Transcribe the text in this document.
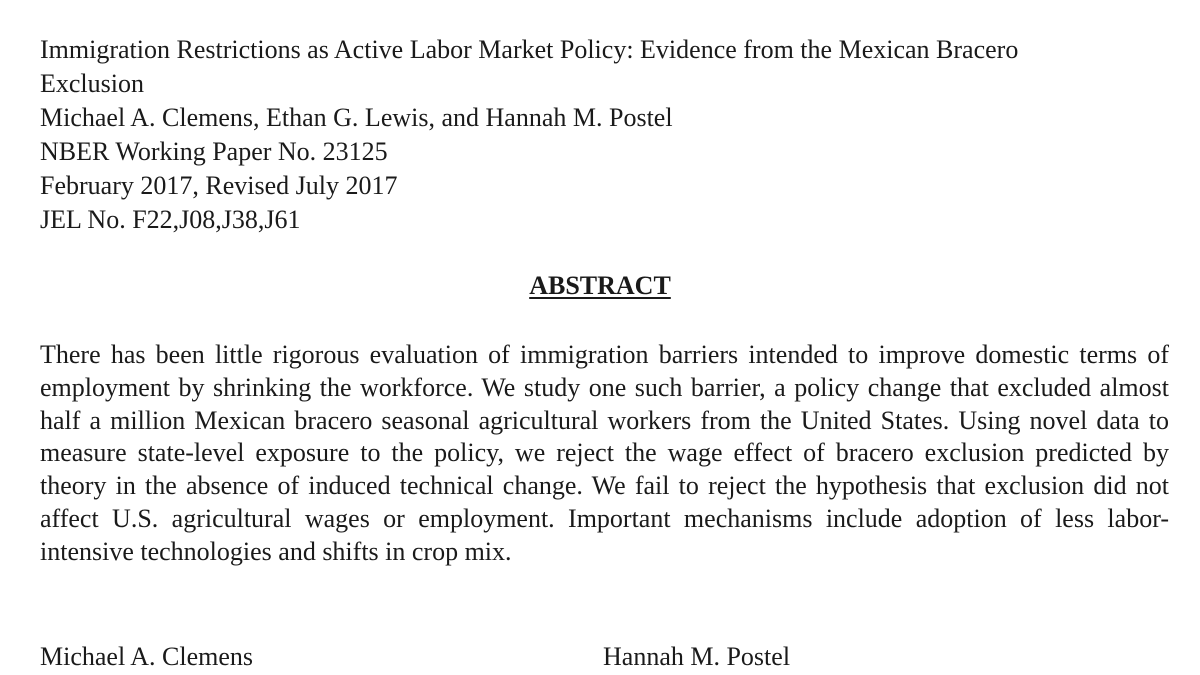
Immigration Restrictions as Active Labor Market Policy: Evidence from the Mexican Bracero
Exclusion
Michael A. Clemens, Ethan G. Lewis, and Hannah M. Postel
NBER Working Paper No. 23125
February 2017, Revised July 2017
JEL No. F22,J08,J38,J61
ABSTRACT
There has been little rigorous evaluation of immigration barriers intended to improve domestic terms of employment by shrinking the workforce. We study one such barrier, a policy change that excluded almost half a million Mexican bracero seasonal agricultural workers from the United States. Using novel data to measure state-level exposure to the policy, we reject the wage effect of bracero exclusion predicted by theory in the absence of induced technical change. We fail to reject the hypothesis that exclusion did not affect U.S. agricultural wages or employment. Important mechanisms include adoption of less labor-intensive technologies and shifts in crop mix.
Michael A. Clemens	Hannah M. Postel
